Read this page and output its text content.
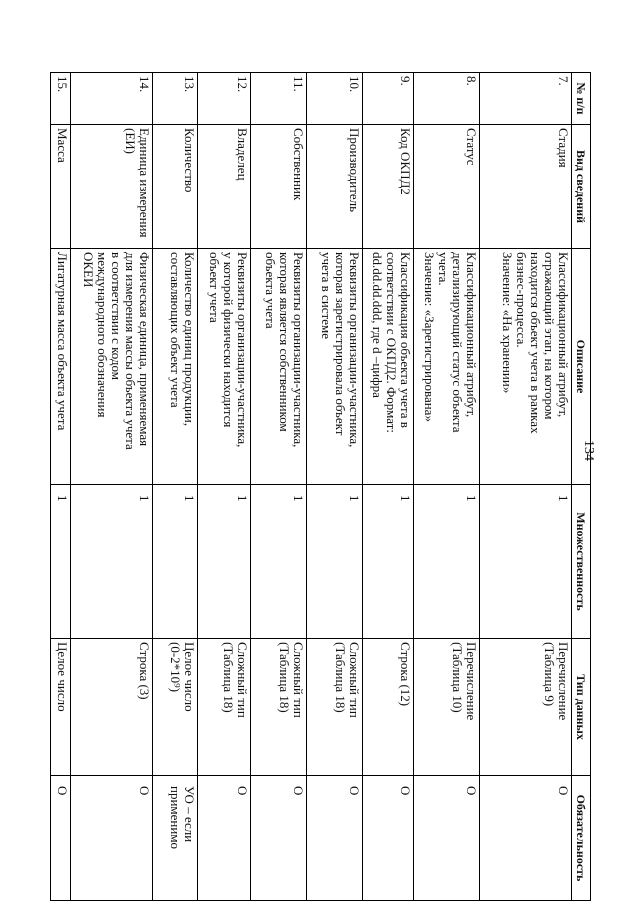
134
№ п/п	Вид сведений	Описание	Множественность	Тип данных	Обязательность
7.	Стадия	Классификационный атрибут,
отражающий этап, на котором
находится объект учета в рамках
бизнес-процесса.
Значение: «На хранении»	1	Перечисление
(Таблица 9)	О

8.	Статус	Классификационный атрибут,
детализирующий статус объекта
учета.
Значение: «Зарегистрирована»	1	Перечисление
(Таблица 10)	О

9.	Код ОКПД2	Классификация объекта учета в
соответствии с ОКПД2. Формат:
dd.dd.dd.ddd, где d –цифра	1	Строка (12)	О

10.	Производитель	Реквизиты организации-участника,
которая зарегистрировала объект
учета в системе	1	Сложный тип
(Таблица 18)	О

11.	Собственник	Реквизиты организации-участника,
которая является собственником
объекта учета	1	Сложный тип
(Таблица 18)	О

12.	Владелец	Реквизиты организации-участника,
у которой физически находится
объект учета	1	Сложный тип
(Таблица 18)	О

13.	Количество	Количество единиц продукции,
составляющих объект учета	1	Целое число
(0-2*10⁹)	УО – если
применимо

14.	Единица измерения (ЕИ)	Физическая единица, применяемая
для измерения массы объекта учета
в соответствии с кодом
международного обозначения
ОКЕИ	1	Строка (3)	О

15.	Масса	Лигатурная масса объекта учета	1	Целое число	О
